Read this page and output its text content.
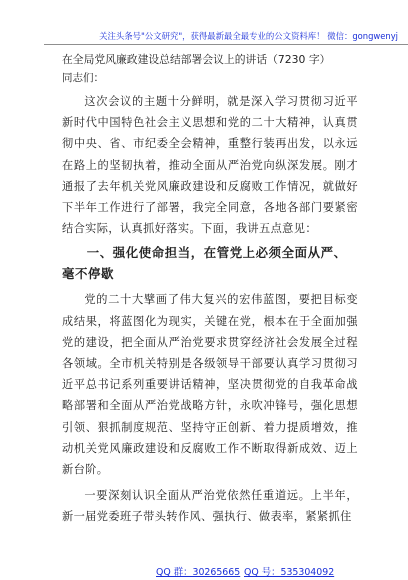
关注头条号"公文研究"，获得最新最全最专业的公文资料库！ 微信：gongwenyj
在全局党风廉政建设总结部署会议上的讲话（7230 字）
同志们：

这次会议的主题十分鲜明，就是深入学习贯彻习近平新时代中国特色社会主义思想和党的二十大精神，认真贯彻中央、省、市纪委全会精神，重整行装再出发，以永远在路上的坚韧执着，推动全面从严治党向纵深发展。刚才通报了去年机关党风廉政建设和反腐败工作情况，就做好下半年工作进行了部署，我完全同意，各地各部门要紧密结合实际，认真抓好落实。下面，我讲五点意见：

一、强化使命担当，在管党上必须全面从严、毫不停歇

党的二十大擘画了伟大复兴的宏伟蓝图，要把目标变成结果，将蓝图化为现实，关键在党，根本在于全面加强党的建设，把全面从严治党要求贯穿经济社会发展全过程各领域。全市机关特别是各级领导干部要认真学习贯彻习近平总书记系列重要讲话精神，坚决贯彻党的自我革命战略部署和全面从严治党战略方针，永吹冲锋号，强化思想引领、狠抓制度规范、坚持守正创新、着力提质增效，推动机关党风廉政建设和反腐败工作不断取得新成效、迈上新台阶。

一要深刻认识全面从严治党依然任重道远。上半年，新一届党委班子带头转作风、强执行、做表率，紧紧抓住

QQ 群：30265665 QQ 号：535304092
